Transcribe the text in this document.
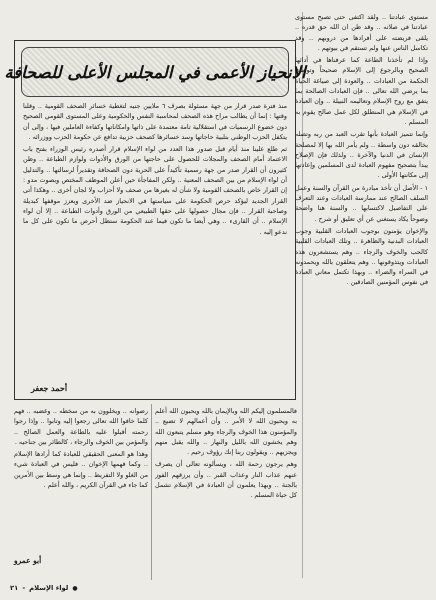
مستوى عبادتنا .. ولقد اكتفى حتى تصبح مستوى عبادتنا في صلاته .. وقد ظن ان الله حق قدره .. يلقى فريضته على أفرادها من دروبهم .. وقد تكاسل الناس عنها ولم تستقم في بيوتهم .

وإذا لم تأخذنا الطاعة كما عرفناها في أدائها الصحيح وبالرجوع إلى الإسلام صحيحاً وتوضيح الحكمة من العبادات .. والعودة إلى صياغة الحياة بما يرضي الله تعالى .. فإن العبادات الصالحة بما يتفق مع روح الإسلام وتعاليمه النبيلة .. وإن العبادة في الإسلام هي المنطلق لكل عمل صالح يقوم به المسلم .

وإنما تتميز العبادة بأنها تقرب العبد من ربه وتصله بخالقه دون واسطة .. ولم يأمر الله بها إلا لمصلحة الإنسان في الدنيا والآخرة .. ولذلك فإن الإصلاح يبدأ بتصحيح مفهوم العبادة لدى المسلمين وإعادتها إلى مكانتها الأولى .

١ - الأصل أن تأخذ مبادرة من القرآن والسنة وعمل السلف الصالح عند ممارسة العبادات وعند التعرف على التفاصيل لاكتسابها .. والسنة هنا واضحة وضوحاً يكاد يستغني عن أي تعليق أو شرح .

والإخوان يؤمنون بوجوب العبادات القلبية وجوب العبادات البدنية والظاهرة .. وتلك العبادات القلبية كالحب والخوف والرجاء .. وهم يستشعرون هذه العبادات ويتذوقونها .. وهم يتعلقون بالله ويحمدونه في السراء والضراء .. وبهذا تكتمل معاني العبادة في نفوس المؤمنين الصادقين .

الانحياز الأعمى في المجلس الأعلى للصحافة

منذ فترة صدر قرار من جهة مسئولة بصرف ٦ ملايين جنيه لتغطية خسائر الصحف القومية .. وقلنا وقتها : إنما أن يطالب مراح هذه الصحف لمحاسبة النفس والحكومية وعلى المستوى القومي الصحيح دون خضوع الرسميات في استقلالية تامة معتمدة على ذاتها وامكاناتها وكفاءة العاملين فيها ، وإلى أن يتكفل الحزب الوطني بتلبية حاجاتها وسد خسائرها كصحف حزبية تدافع عن حكومة الحزب ووزرائه .

ثم طلع علينا منذ أيام قبل صدور هذا العدد من لواء الإسلام قرار أصدره رئيس الوزراء بفتح باب الاعتماد أمام الصحف والمجلات للحصول على حاجتها من الورق والأدوات ولوازم الطباعة .. وظن كثيرون أن القرار صدر من جهة رسمية تأكيداً على الحرية دون الصحافة وتقديراً لرسالتها .. والتدليل أن لواء الإسلام من بين الصحف المعنية .. ولكن المفاجأة حين أعلن الموظف المختص وبصوت مدو : إن القرار خاص بالصحف القومية ولا شأن له بغيرها من صحف ولا أحزاب ولا لجان أخرى .. وهكذا أتى القرار الجديد ليؤكد حرص الحكومة على سياستها في الانحياز ضد الأخرى ويعزز موقفها كبديلة وصاحبة القرار .. فإن مجال حصولها على حقها الطبيعي من الورق وأدوات الطباعة .. إلا أن لواء الإسلام .. أن القارىء .. وهي أيضا ما تكون فيما عند الحكومة ستظل أحرص ما تكون على كل ما ندعو إليه .

أحمد جعفر

فالمسلمون إليكم الله وبالإيمان بالله ويحبون الله أعلم به ويحبون الله لا الأمر .. وأن أعمالهم لا تضيع .. والمؤمنون هذا الخوف والرجاء وهو مسلم يتبعون الله وهم يخشون الله بالليل والنهار .. والله يقبل منهم ويجزيهم .. ويقولون ربنا إنك رؤوف رحيم .

وهم يرجون رحمة الله ، ويسألونه تعالى أن يصرف عنهم عذاب النار وعذاب القبر .. وأن يرزقهم الفوز بالجنة .. وبهذا يعلمون أن العبادة في الإسلام تشمل كل حياة المسلم .

رضوانه .. ويخلوون به من سخطه .. وغضبه .. فهم كلما خافوا الله تعالى رجعوا إليه وتابوا .. وإذا رجوا رحمته أقبلوا عليه بالطاعة والعمل الصالح .. والمؤمن بين الخوف والرجاء ، كالطائر بين جناحيه .

وهذا هو المعنى الحقيقي للعبادة كما أرادها الإسلام .. وكما فهمها الإخوان .. فليس في العبادة شيء من الغلو ولا التفريط .. وإنما هي وسط بين الأمرين كما جاء في القرآن الكريم ، والله أعلم .

أبو عمرو
●
لواء الإسلام
-
٢١
